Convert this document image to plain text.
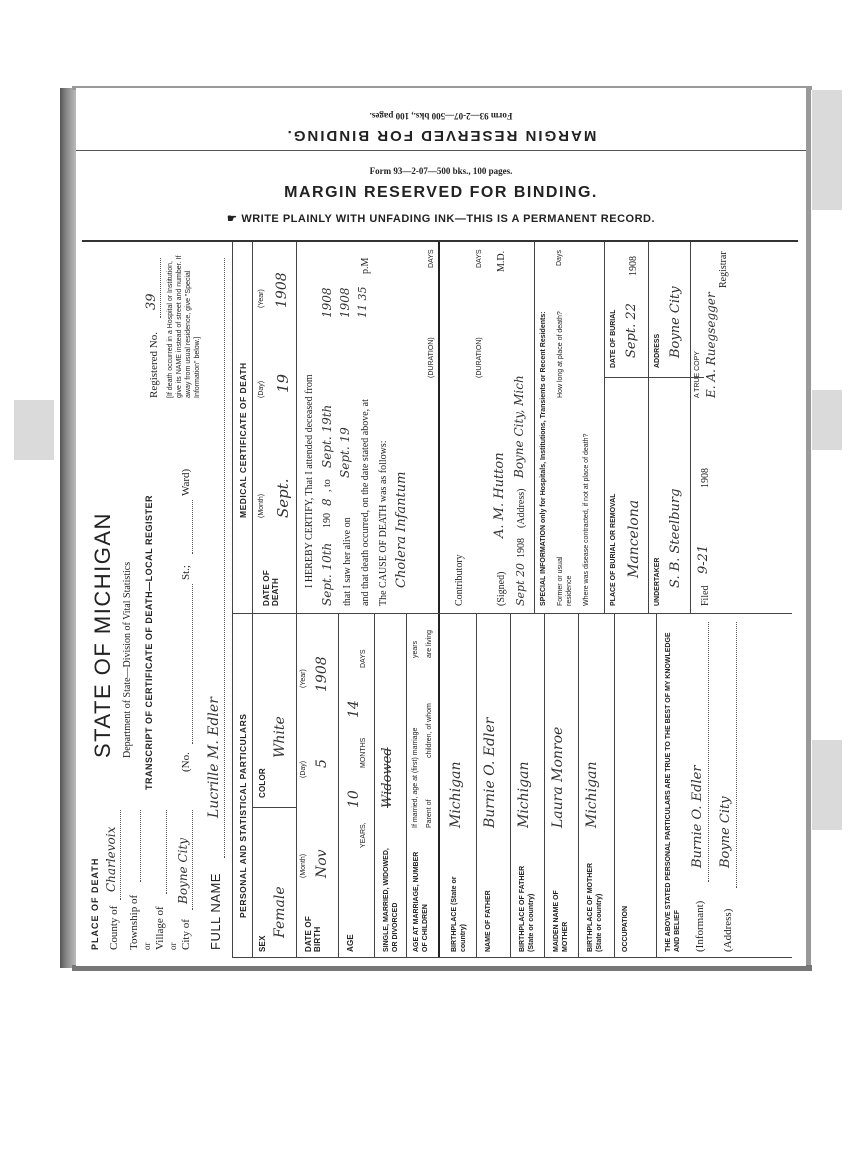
MARGIN RESERVED FOR BINDING.
Form 93—2-07—500 bks., 100 pages.
Form 93—2-07—500 bks., 100 pages.
MARGIN RESERVED FOR BINDING.
☛ WRITE PLAINLY WITH UNFADING INK—THIS IS A PERMANENT RECORD.
PLACE OF DEATH County of
Charlevoix
Township of or Village of or City of
Boyne City
STATE OF MICHIGAN Department of State—Division of Vital Statistics TRANSCRIPT OF CERTIFICATE OF DEATH—LOCAL REGISTER (No.
St.;
Ward)
Registered No.
39 [If death occurred in a Hospital or Institution, give its NAME instead of street and number. If away from usual residence, give "Special Information" below.]
FULL NAME
Lucrille M. Edler PERSONAL AND STATISTICAL PARTICULARS
SEX
Female
COLOR
White
DATE OF BIRTH
(Month)
(Day)
(Year)
Nov
5
1908
AGE
YEARS,
10
MONTHS
14
DAYS
SINGLE, MARRIED, WIDOWED, OR DIVORCED
Widowed
AGE AT MARRIAGE, NUMBER OF CHILDREN
If married, age at (first) marriage
years
Parent of
children, of whom
are living
BIRTHPLACE (State or country)
Michigan
NAME OF FATHER
Burnie O. Edler
BIRTHPLACE OF FATHER (State or country)
Michigan
MAIDEN NAME OF MOTHER
Laura Monroe
BIRTHPLACE OF MOTHER (State or country)
Michigan
OCCUPATION	THE ABOVE STATED PERSONAL PARTICULARS ARE TRUE TO THE BEST OF MY KNOWLEDGE AND BELIEF (Informant)
Burnie O. Edler
(Address)
Boyne City
MEDICAL CERTIFICATE OF DEATH
DATE OF DEATH
(Month)
(Day)
(Year)
Sept.
19
1908
I HEREBY CERTIFY, That I attended deceased from Sept. 10th
190
8
, to
Sept. 19th
1908
that I saw her alive on
Sept. 19
1908
and that death occurred, on the date stated above, at
11 35
p.M
The CAUSE OF DEATH was as follows: Cholera Infantum
(DURATION)
DAYS
Contributory
(DURATION)
DAYS
(Signed)
A. M. Hutton
M.D.
Sept 20
1908
(Address)
Boyne City, Mich SPECIAL INFORMATION only for Hospitals, Institutions, Transients or Recent Residents: Former or usual residence
How long at place of death?
Days
Where was disease contracted, if not at place of death?	PLACE OF BURIAL OR REMOVAL Mancelona
DATE OF BURIAL Sept. 22
1908
UNDERTAKER S. B. Steelburg
ADDRESS Boyne City
Filed
9-21
1908
A TRUE COPY E. A. Ruegsegger
Registrar
